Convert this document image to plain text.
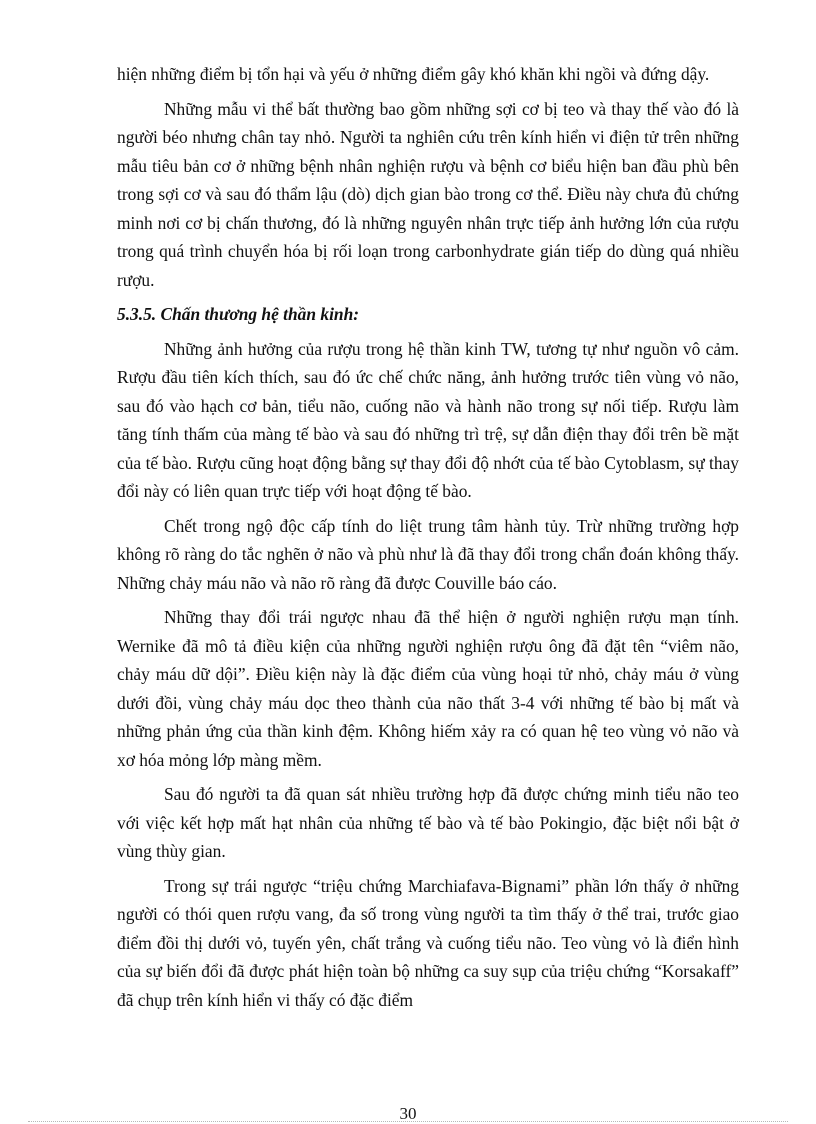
hiện những điểm bị tổn hại và yếu ở những điểm gây khó khăn khi ngồi và đứng dậy.

Những mẫu vi thể bất thường bao gồm những sợi cơ bị teo và thay thế vào đó là người béo nhưng chân tay nhỏ. Người ta nghiên cứu trên kính hiển vi điện tử trên những mẫu tiêu bản cơ ở những bệnh nhân nghiện rượu và bệnh cơ biểu hiện ban đầu phù bên trong sợi cơ và sau đó thẩm lậu (dò) dịch gian bào trong cơ thể. Điều này chưa đủ chứng minh nơi cơ bị chấn thương, đó là những nguyên nhân trực tiếp ảnh hưởng lớn của rượu trong quá trình chuyển hóa bị rối loạn trong carbonhydrate gián tiếp do dùng quá nhiều rượu.

5.3.5. Chấn thương hệ thần kinh:

Những ảnh hưởng của rượu trong hệ thần kinh TW, tương tự như nguồn vô cảm. Rượu đầu tiên kích thích, sau đó ức chế chức năng, ảnh hưởng trước tiên vùng vỏ não, sau đó vào hạch cơ bản, tiểu não, cuống não và hành não trong sự nối tiếp. Rượu làm tăng tính thấm của màng tế bào và sau đó những trì trệ, sự dẫn điện thay đổi trên bề mặt của tế bào. Rượu cũng hoạt động bằng sự thay đổi độ nhớt của tế bào Cytoblasm, sự thay đổi này có liên quan trực tiếp với hoạt động tế bào.

Chết trong ngộ độc cấp tính do liệt trung tâm hành tủy. Trừ những trường hợp không rõ ràng do tắc nghẽn ở não và phù như là đã thay đổi trong chẩn đoán không thấy. Những chảy máu não và não rõ ràng đã được Couville báo cáo.

Những thay đổi trái ngược nhau đã thể hiện ở người nghiện rượu mạn tính. Wernike đã mô tả điều kiện của những người nghiện rượu ông đã đặt tên “viêm não, chảy máu dữ dội”. Điều kiện này là đặc điểm của vùng hoại tử nhỏ, chảy máu ở vùng dưới đồi, vùng chảy máu dọc theo thành của não thất 3-4 với những tế bào bị mất và những phản ứng của thần kinh đệm. Không hiếm xảy ra có quan hệ teo vùng vỏ não và xơ hóa mỏng lớp màng mềm.

Sau đó người ta đã quan sát nhiều trường hợp đã được chứng minh tiểu não teo với việc kết hợp mất hạt nhân của những tế bào và tế bào Pokingio, đặc biệt nổi bật ở vùng thùy gian.

Trong sự trái ngược “triệu chứng Marchiafava-Bignami” phần lớn thấy ở những người có thói quen rượu vang, đa số trong vùng người ta tìm thấy ở thể trai, trước giao điểm đồi thị dưới vỏ, tuyến yên, chất trắng và cuống tiểu não. Teo vùng vỏ là điển hình của sự biến đổi đã được phát hiện toàn bộ những ca suy sụp của triệu chứng “Korsakaff” đã chụp trên kính hiển vi thấy có đặc điểm

30
